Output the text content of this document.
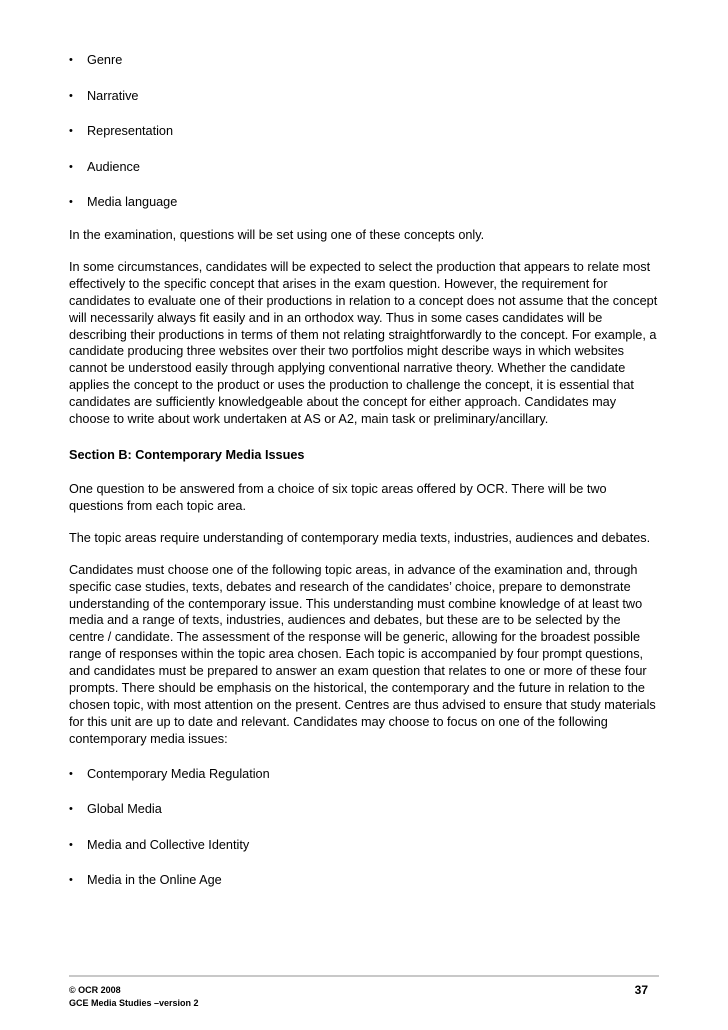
• Genre
• Narrative
• Representation
• Audience
• Media language

In the examination, questions will be set using one of these concepts only.

In some circumstances, candidates will be expected to select the production that appears to relate most effectively to the specific concept that arises in the exam question. However, the requirement for candidates to evaluate one of their productions in relation to a concept does not assume that the concept will necessarily always fit easily and in an orthodox way. Thus in some cases candidates will be describing their productions in terms of them not relating straightforwardly to the concept. For example, a candidate producing three websites over their two portfolios might describe ways in which websites cannot be understood easily through applying conventional narrative theory. Whether the candidate applies the concept to the product or uses the production to challenge the concept, it is essential that candidates are sufficiently knowledgeable about the concept for either approach. Candidates may choose to write about work undertaken at AS or A2, main task or preliminary/ancillary.

Section B: Contemporary Media Issues

One question to be answered from a choice of six topic areas offered by OCR. There will be two questions from each topic area.

The topic areas require understanding of contemporary media texts, industries, audiences and debates.

Candidates must choose one of the following topic areas, in advance of the examination and, through specific case studies, texts, debates and research of the candidates’ choice, prepare to demonstrate understanding of the contemporary issue. This understanding must combine knowledge of at least two media and a range of texts, industries, audiences and debates, but these are to be selected by the centre / candidate. The assessment of the response will be generic, allowing for the broadest possible range of responses within the topic area chosen. Each topic is accompanied by four prompt questions, and candidates must be prepared to answer an exam question that relates to one or more of these four prompts. There should be emphasis on the historical, the contemporary and the future in relation to the chosen topic, with most attention on the present. Centres are thus advised to ensure that study materials for this unit are up to date and relevant. Candidates may choose to focus on one of the following contemporary media issues:

• Contemporary Media Regulation
• Global Media
• Media and Collective Identity
• Media in the Online Age
© OCR 2008
GCE Media Studies –version 2
37
